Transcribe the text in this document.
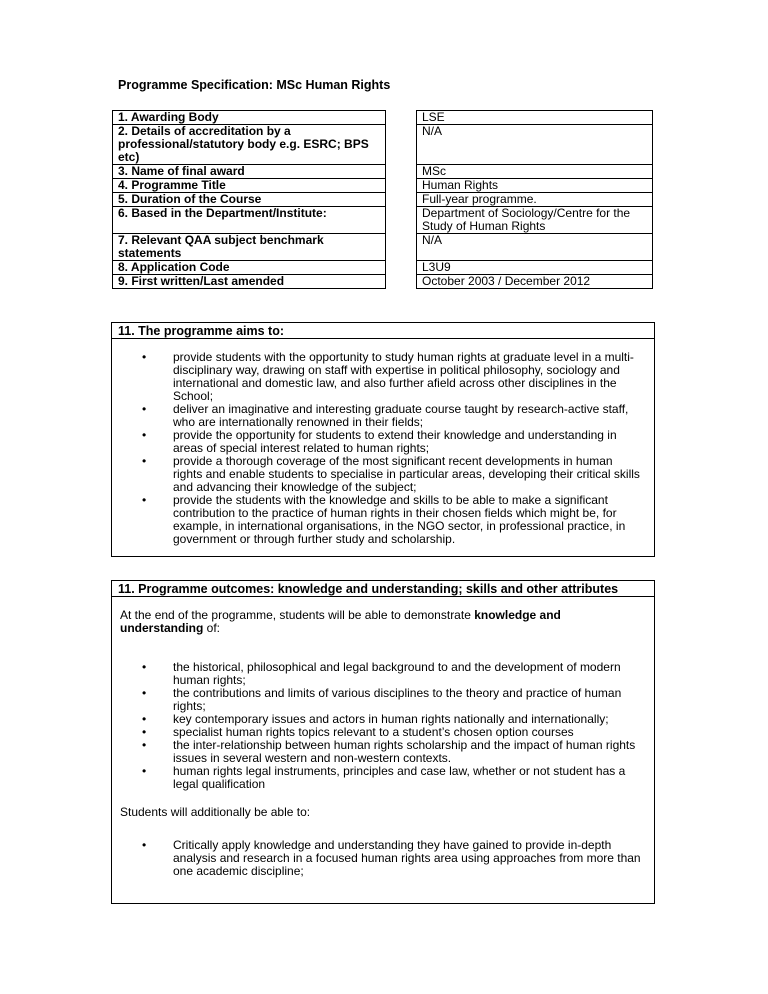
Programme Specification: MSc Human Rights
1. Awarding Body		LSE
2. Details of accreditation by a professional/statutory body e.g. ESRC; BPS etc)		N/A
3. Name of final award		MSc
4. Programme Title		Human Rights
5. Duration of the Course		Full-year programme.
6. Based in the Department/Institute:		Department of Sociology/Centre for the Study of Human Rights
7. Relevant QAA subject benchmark statements		N/A
8. Application Code		L3U9
9. First written/Last amended		October 2003 / December 2012
11. The programme aims to:
• provide students with the opportunity to study human rights at graduate level in a multi-disciplinary way, drawing on staff with expertise in political philosophy, sociology and international and domestic law, and also further afield across other disciplines in the School;
• deliver an imaginative and interesting graduate course taught by research-active staff, who are internationally renowned in their fields;
• provide the opportunity for students to extend their knowledge and understanding in areas of special interest related to human rights;
• provide a thorough coverage of the most significant recent developments in human rights and enable students to specialise in particular areas, developing their critical skills and advancing their knowledge of the subject;
• provide the students with the knowledge and skills to be able to make a significant contribution to the practice of human rights in their chosen fields which might be, for example, in international organisations, in the NGO sector, in professional practice, in government or through further study and scholarship.
11. Programme outcomes: knowledge and understanding; skills and other attributes
At the end of the programme, students will be able to demonstrate knowledge and understanding of:
• the historical, philosophical and legal background to and the development of modern human rights;
• the contributions and limits of various disciplines to the theory and practice of human rights;
• key contemporary issues and actors in human rights nationally and internationally;
• specialist human rights topics relevant to a student’s chosen option courses
• the inter-relationship between human rights scholarship and the impact of human rights issues in several western and non-western contexts.
• human rights legal instruments, principles and case law, whether or not student has a legal qualification
Students will additionally be able to:
• Critically apply knowledge and understanding they have gained to provide in-depth analysis and research in a focused human rights area using approaches from more than one academic discipline;
